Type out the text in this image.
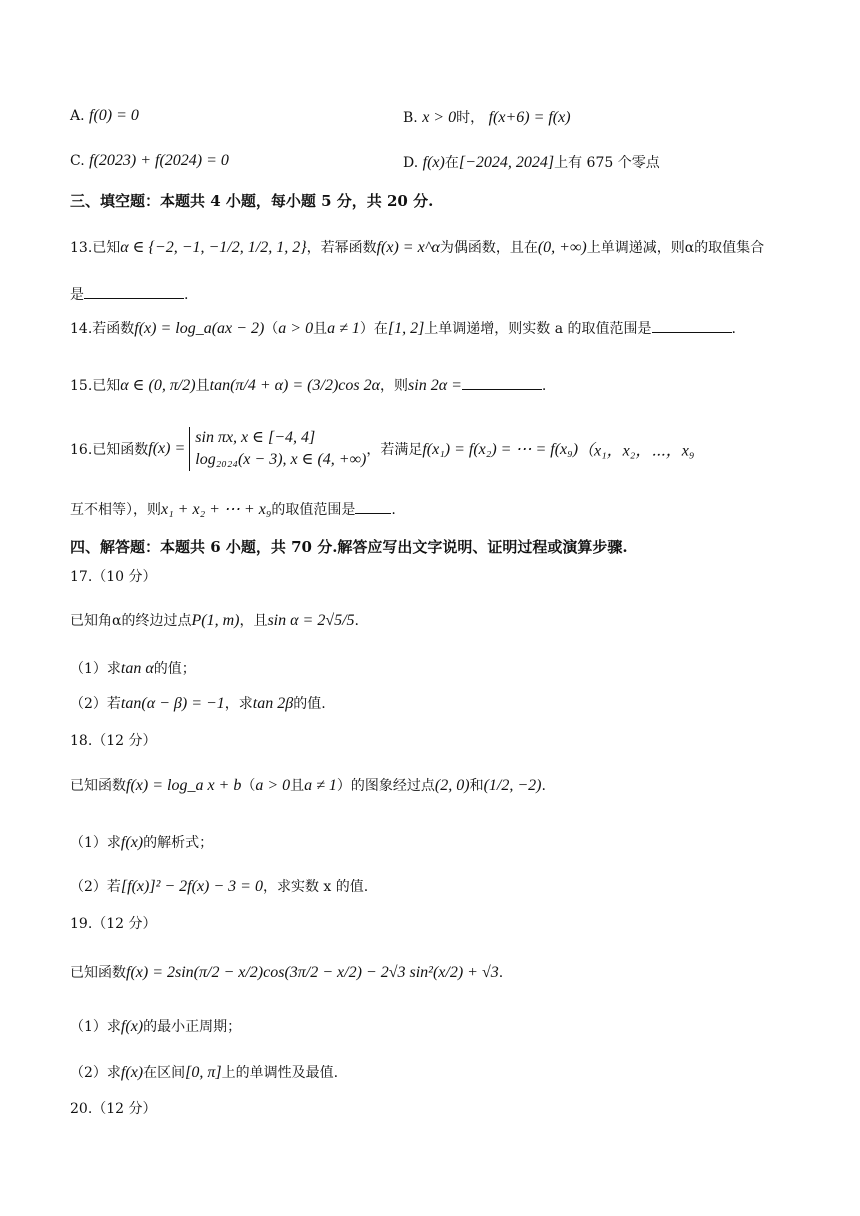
A. f(0) = 0	B. x > 0时， f(x+6) = f(x)
C. f(2023) + f(2024) = 0	D. f(x)在[−2024, 2024]上有 675 个零点
三、填空题：本题共 4 小题，每小题 5 分，共 20 分.
13.已知α ∈ {−2, −1, −1/2, 1/2, 1, 2}，若幂函数f(x) = x^α为偶函数，且在(0, +∞)上单调递减，则α的取值集合
是	.
14.若函数f(x) = log_a(ax − 2)（a > 0且a ≠ 1）在[1, 2]上单调递增，则实数 a 的取值范围是	.
15.已知α ∈ (0, π/2)且tan(π/4 + α) = (3/2)cos 2α，则sin 2α =	.
16.已知函数f(x) =
sin πx, x ∈ [−4, 4]
log₂₀₂₄(x − 3), x ∈ (4, +∞)
，若满足f(x₁) = f(x₂) = ⋯ = f(x₉)（x₁，x₂，⋯，x₉
互不相等），则x₁ + x₂ + ⋯ + x₉的取值范围是	.
四、解答题：本题共 6 小题，共 70 分.解答应写出文字说明、证明过程或演算步骤.
17.（10 分）
已知角α的终边过点P(1, m)，且sin α = 2√5/5.
（1）求tan α的值；
（2）若tan(α − β) = −1，求tan 2β的值.
18.（12 分）
已知函数f(x) = log_a x + b（a > 0且a ≠ 1）的图象经过点(2, 0)和(1/2, −2).
（1）求f(x)的解析式；
（2）若[f(x)]² − 2f(x) − 3 = 0，求实数 x 的值.
19.（12 分）
已知函数f(x) = 2sin(π/2 − x/2)cos(3π/2 − x/2) − 2√3 sin²(x/2) + √3.
（1）求f(x)的最小正周期；
（2）求f(x)在区间[0, π]上的单调性及最值.
20.（12 分）
